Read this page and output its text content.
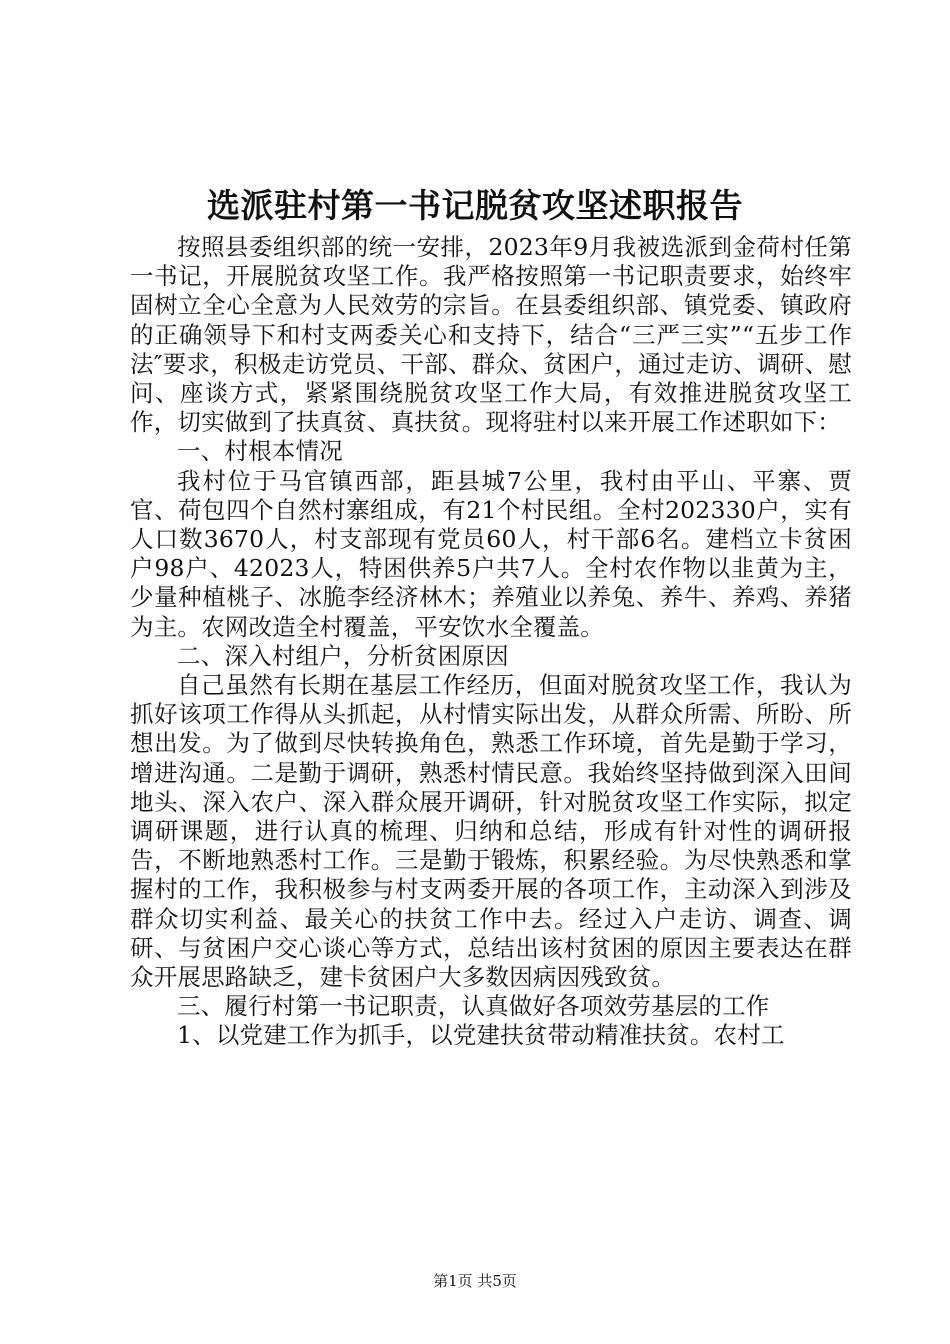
选派驻村第一书记脱贫攻坚述职报告

按照县委组织部的统一安排，2023年9月我被选派到金荷村任第一书记，开展脱贫攻坚工作。我严格按照第一书记职责要求，始终牢固树立全心全意为人民效劳的宗旨。在县委组织部、镇党委、镇政府的正确领导下和村支两委关心和支持下，结合“三严三实”“五步工作法″要求，积极走访党员、干部、群众、贫困户，通过走访、调研、慰问、座谈方式，紧紧围绕脱贫攻坚工作大局，有效推进脱贫攻坚工作，切实做到了扶真贫、真扶贫。现将驻村以来开展工作述职如下：

一、村根本情况

我村位于马官镇西部，距县城7公里，我村由平山、平寨、贾官、荷包四个自然村寨组成，有21个村民组。全村202330户，实有人口数3670人，村支部现有党员60人，村干部6名。建档立卡贫困户98户、42023人，特困供养5户共7人。全村农作物以韭黄为主，少量种植桃子、冰脆李经济林木；养殖业以养兔、养牛、养鸡、养猪为主。农网改造全村覆盖，平安饮水全覆盖。

二、深入村组户，分析贫困原因

自己虽然有长期在基层工作经历，但面对脱贫攻坚工作，我认为抓好该项工作得从头抓起，从村情实际出发，从群众所需、所盼、所想出发。为了做到尽快转换角色，熟悉工作环境，首先是勤于学习，增进沟通。二是勤于调研，熟悉村情民意。我始终坚持做到深入田间地头、深入农户、深入群众展开调研，针对脱贫攻坚工作实际，拟定调研课题，进行认真的梳理、归纳和总结，形成有针对性的调研报告，不断地熟悉村工作。三是勤于锻炼，积累经验。为尽快熟悉和掌握村的工作，我积极参与村支两委开展的各项工作，主动深入到涉及群众切实利益、最关心的扶贫工作中去。经过入户走访、调查、调研、与贫困户交心谈心等方式，总结出该村贫困的原因主要表达在群众开展思路缺乏，建卡贫困户大多数因病因残致贫。

三、履行村第一书记职责，认真做好各项效劳基层的工作

1、以党建工作为抓手，以党建扶贫带动精准扶贫。农村工

第1页 共5页
